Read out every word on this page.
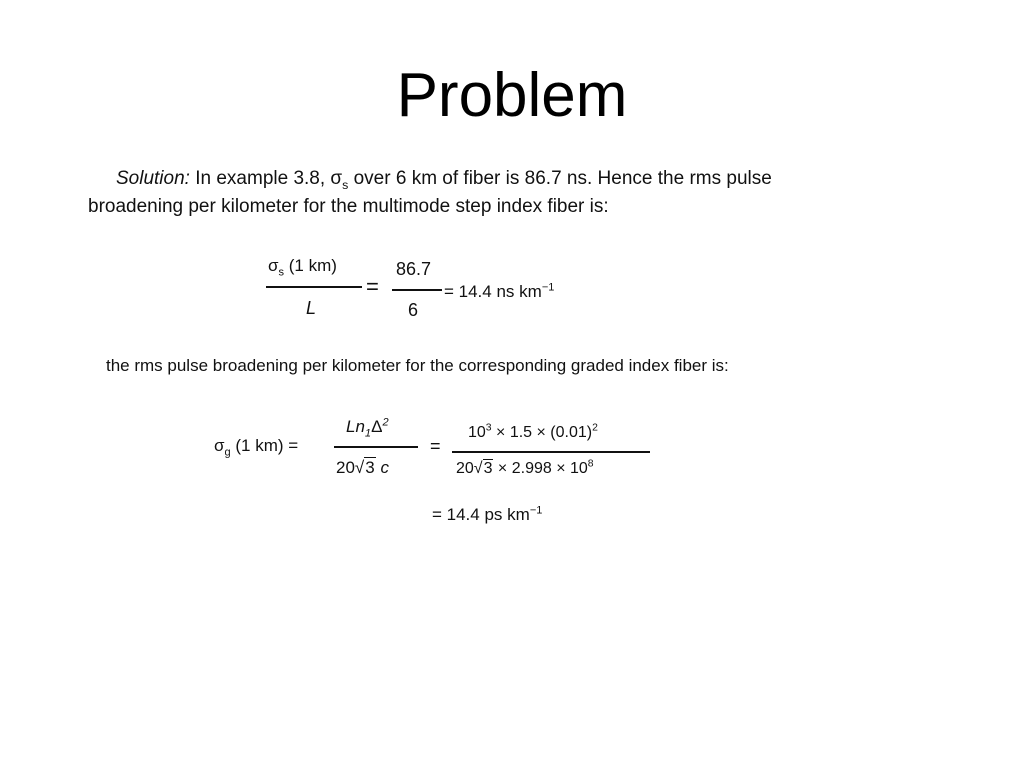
Problem
Solution: In example 3.8, $\sigma_s$ over 6 km of fiber is 86.7 ns. Hence the rms pulse
broadening per kilometer for the multimode step index fiber is:
$\sigma_s$ (1 km)
L
=
86.7
6
= 14.4 ns $km^{-1}$
the rms pulse broadening per kilometer for the corresponding graded index fiber is:
$\sigma_g$ (1 km) =
$Ln_1\Delta^2$
20√3 c
=
$10^3 \times 1.5 \times (0.01)^2$
$20√3 \times 2.998 \times 10^8$
= 14.4 ps $km^{-1}$
